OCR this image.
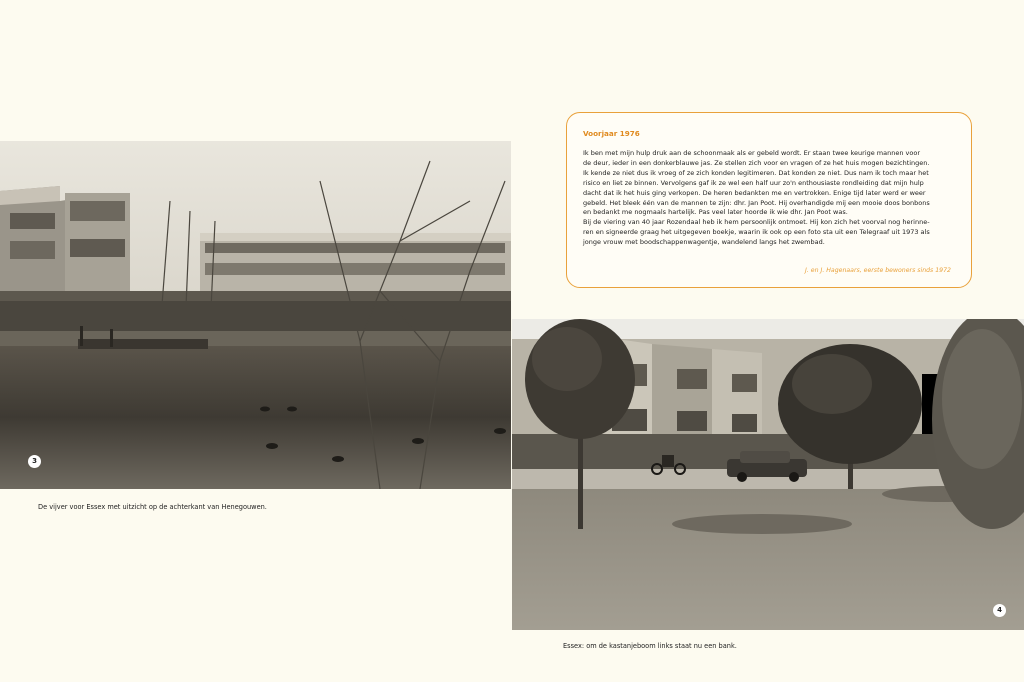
3
De vijver voor Essex met uitzicht op de achterkant van Henegouwen.
Voorjaar 1976

Ik ben met mijn hulp druk aan de schoonmaak als er gebeld wordt. Er staan twee keurige mannen voor

de deur, ieder in een donkerblauwe jas. Ze stellen zich voor en vragen of ze het huis mogen bezichtingen.

Ik kende ze niet dus ik vroeg of ze zich konden legitimeren. Dat konden ze niet. Dus nam ik toch maar het

risico en liet ze binnen. Vervolgens gaf ik ze wel een half uur zo'n enthousiaste rondleiding dat mijn hulp

dacht dat ik het huis ging verkopen. De heren bedankten me en vertrokken. Enige tijd later werd er weer

gebeld. Het bleek één van de mannen te zijn: dhr. Jan Poot. Hij overhandigde mij een mooie doos bonbons

en bedankt me nogmaals hartelijk. Pas veel later hoorde ik wie dhr. Jan Poot was.

Bij de viering van 40 jaar Rozendaal heb ik hem persoonlijk ontmoet. Hij kon zich het voorval nog herinne-

ren en signeerde graag het uitgegeven boekje, waarin ik ook op een foto sta uit een Telegraaf uit 1973 als

jonge vrouw met boodschappenwagentje, wandelend langs het zwembad.

J. en J. Hagenaars, eerste bewoners sinds 1972
4
Essex: om de kastanjeboom links staat nu een bank.
